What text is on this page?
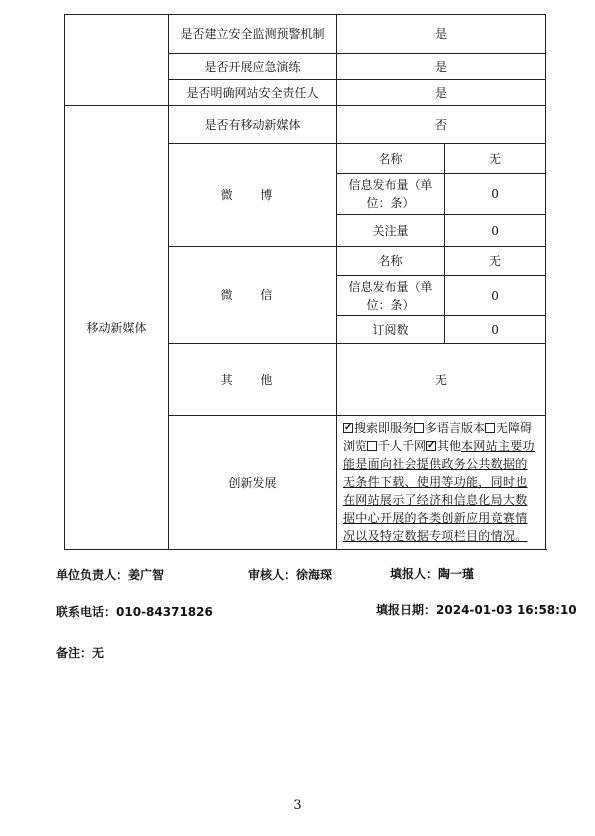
	是否建立安全监测预警机制	是	
	是否开展应急演练	是	
	是否明确网站安全责任人	是	
移动新媒体	是否有移动新媒体	否	
	微 博	名称	无
		信息发布量（单位：条）	0
		关注量	0
	微 信	名称	无
		信息发布量（单位：条）	0
		订阅数	0
	其 他	无	
	创新发展	✓搜索即服务 多语言版本 无障碍浏览 千人千网 ✓ 其他本网站主要功能是面向社会提供政务公共数据的无条件下载、使用等功能，同时也在网站展示了经济和信息化局大数据中心开展的各类创新应用竞赛情况以及特定数据专项栏目的情况。
单位负责人：姜广智	审核人：徐海琛	填报人：陶一瑾
联系电话：010-84371826	填报日期：2024-01-03 16:58:10
备注：无
3
